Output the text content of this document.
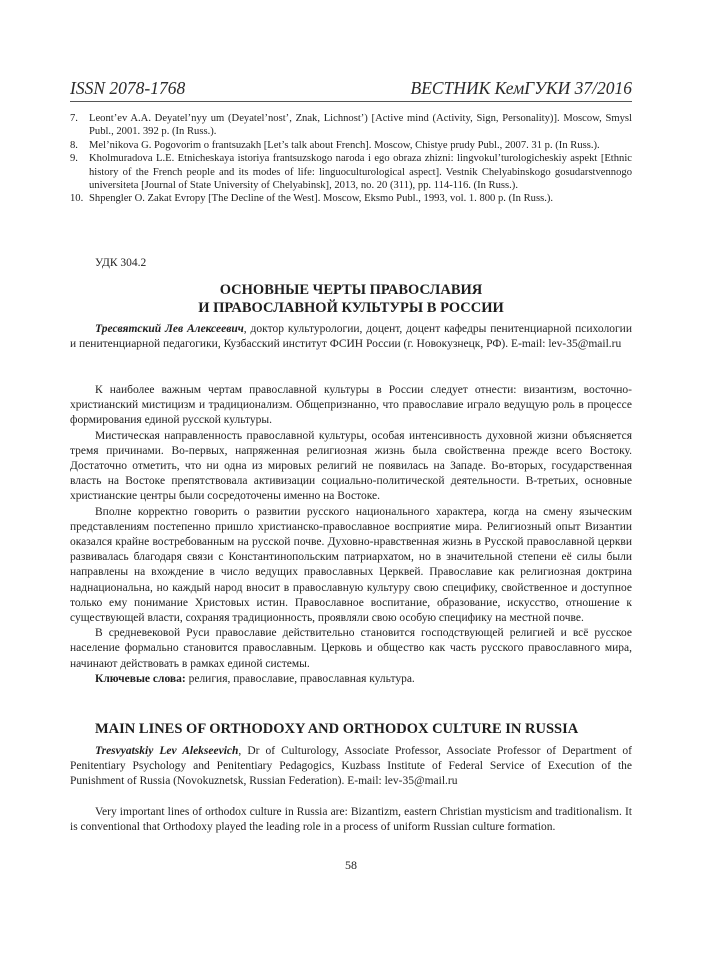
ISSN 2078-1768	ВЕСТНИК КемГУКИ 37/2016
7.	Leont’ev A.A. Deyatel’nyy um (Deyatel’nost’, Znak, Lichnost’) [Active mind (Activity, Sign, Personality)]. Moscow, Smysl Publ., 2001. 392 p. (In Russ.).
8.	Mel’nikova G. Pogovorim o frantsuzakh [Let’s talk about French]. Moscow, Chistye prudy Publ., 2007. 31 p. (In Russ.).
9.	Kholmuradova L.E. Etnicheskaya istoriya frantsuzskogo naroda i ego obraza zhizni: lingvokul’turologicheskiy aspekt [Ethnic history of the French people and its modes of life: linguoculturological aspect]. Vestnik Chelyabinskogo gosudarstvennogo universiteta [Journal of State University of Chelyabinsk], 2013, no. 20 (311), pp. 114-116. (In Russ.).
10. Shpengler O. Zakat Evropy [The Decline of the West]. Moscow, Eksmo Publ., 1993, vol. 1. 800 p. (In Russ.).
УДК 304.2
ОСНОВНЫЕ ЧЕРТЫ ПРАВОСЛАВИЯ
И ПРАВОСЛАВНОЙ КУЛЬТУРЫ В РОССИИ

Тресвятский Лев Алексеевич, доктор культурологии, доцент, доцент кафедры пенитенциарной психологии и пенитенциарной педагогики, Кузбасский институт ФСИН России (г. Новокузнецк, РФ). E-mail: lev-35@mail.ru

К наиболее важным чертам православной культуры в России следует отнести: византизм, восточно-христианский мистицизм и традиционализм. Общепризнанно, что православие играло ведущую роль в процессе формирования единой русской культуры.

Мистическая направленность православной культуры, особая интенсивность духовной жизни объясняется тремя причинами. Во-первых, напряженная религиозная жизнь была свойственна прежде всего Востоку. Достаточно отметить, что ни одна из мировых религий не появилась на Западе. Во-вторых, государственная власть на Востоке препятствовала активизации социально-политической деятельности. В-третьих, основные христианские центры были сосредоточены именно на Востоке.

Вполне корректно говорить о развитии русского национального характера, когда на смену языческим представлениям постепенно пришло христианско-православное восприятие мира. Религиозный опыт Византии оказался крайне востребованным на русской почве. Духовно-нравственная жизнь в Русской православной церкви развивалась благодаря связи с Константинопольским патриархатом, но в значительной степени её силы были направлены на вхождение в число ведущих православных Церквей. Православие как религиозная доктрина наднациональна, но каждый народ вносит в православную культуру свою специфику, свойственное и доступное только ему понимание Христовых истин. Православное воспитание, образование, искусство, отношение к существующей власти, сохраняя традиционность, проявляли свою особую специфику на местной почве.

В средневековой Руси православие действительно становится господствующей религией и всё русское население формально становится православным. Церковь и общество как часть русского православного мира, начинают действовать в рамках единой системы.

Ключевые слова: религия, православие, православная культура.

MAIN LINES OF ORTHODOXY AND ORTHODOX CULTURE IN RUSSIA

Tresvyatskiy Lev Alekseevich, Dr of Culturology, Associate Professor, Associate Professor of Department of Penitentiary Psychology and Penitentiary Pedagogics, Kuzbass Institute of Federal Service of Execution of the Punishment of Russia (Novokuznetsk, Russian Federation). E-mail: lev-35@mail.ru

Very important lines of orthodox culture in Russia are: Bizantizm, eastern Christian mysticism and traditionalism. It is conventional that Orthodoxy played the leading role in a process of uniform Russian culture formation.

58
